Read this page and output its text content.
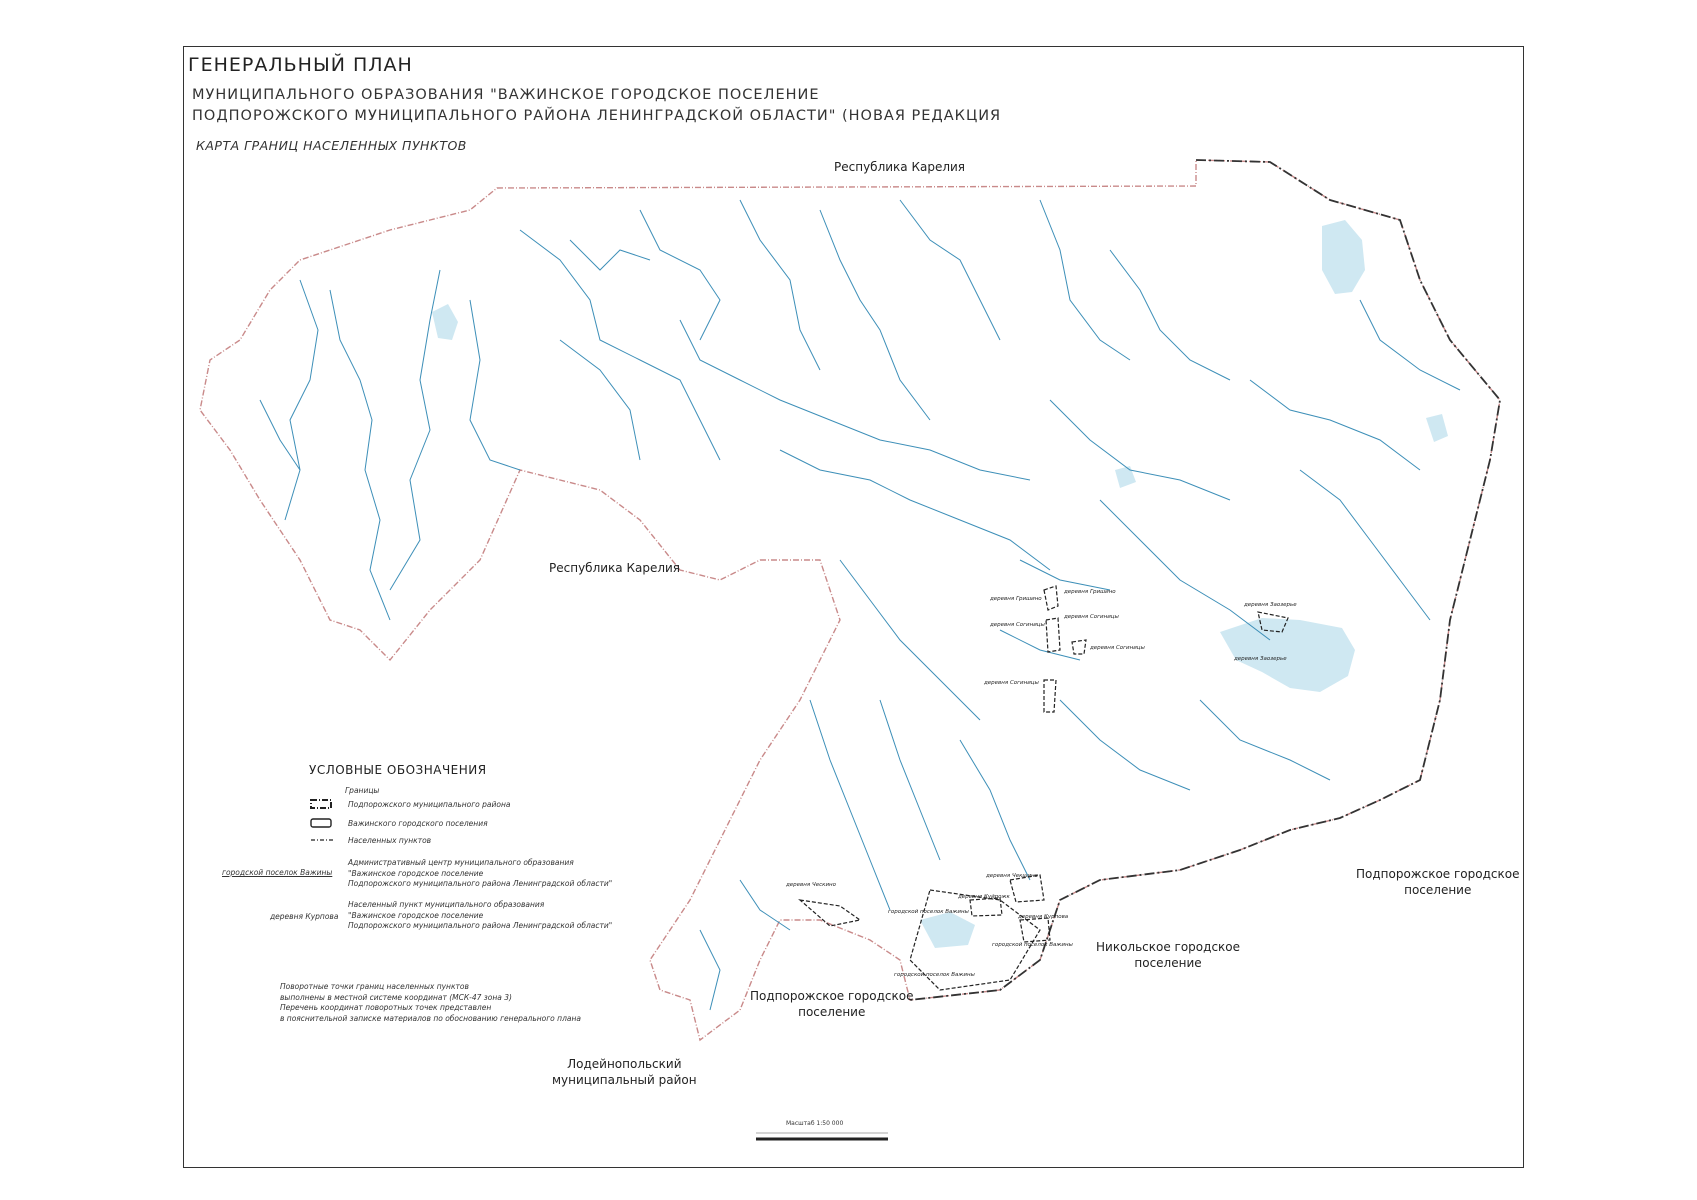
ГЕНЕРАЛЬНЫЙ ПЛАН
МУНИЦИПАЛЬНОГО ОБРАЗОВАНИЯ "ВАЖИНСКОЕ ГОРОДСКОЕ ПОСЕЛЕНИЕ
ПОДПОРОЖСКОГО МУНИЦИПАЛЬНОГО РАЙОНА ЛЕНИНГРАДСКОЙ ОБЛАСТИ" (НОВАЯ РЕДАКЦИЯ
КАРТА ГРАНИЦ НАСЕЛЕННЫХ ПУНКТОВ
Республика Карелия
Республика Карелия
Подпорожское городское
поселение
Никольское городское
поселение
Подпорожское городское
поселение
Лодейнопольский
муниципальный район
деревня Гришино
деревня Гришино
деревня Согиницы
деревня Согиницы
деревня Согиницы
деревня Согиницы
деревня Заозерье
деревня Заозерье
деревня Ческино
деревня Чекшино
деревня Куйрожк
городской поселок Важины
деревня Курпова
городской поселок Важины
городской поселок Важины
УСЛОВНЫЕ ОБОЗНАЧЕНИЯ
Границы
Подпорожского муниципального района
Важинского городского поселения
Населенных пунктов
городской поселок Важины
Административный центр муниципального образования
"Важинское городское поселение
Подпорожского муниципального района Ленинградской области"
деревня Курпова
Населенный пункт муниципального образования
"Важинское городское поселение
Подпорожского муниципального района Ленинградской области"
Поворотные точки границ населенных пунктов
выполнены в местной системе координат (МСК-47 зона 3)
Перечень координат поворотных точек представлен
в пояснительной записке материалов по обоснованию генерального плана
Масштаб 1:50 000
